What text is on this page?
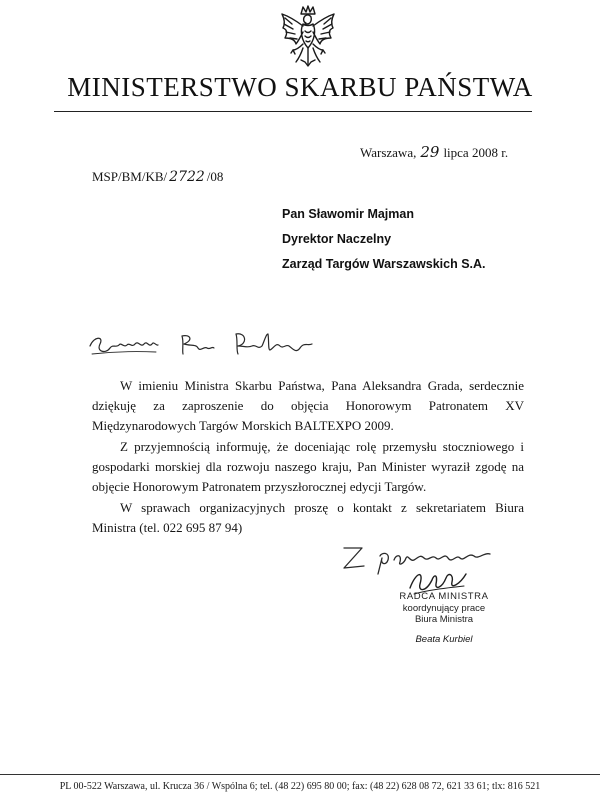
MINISTERSTWO SKARBU PAŃSTWA
Warszawa, 29 lipca 2008 r.
MSP/BM/KB/ 2722 /08
Pan Sławomir Majman
Dyrektor Naczelny
Zarząd Targów Warszawskich S.A.

W imieniu Ministra Skarbu Państwa, Pana Aleksandra Grada, serdecznie dziękuję za zaproszenie do objęcia Honorowym Patronatem XV Międzynarodowych Targów Morskich BALTEXPO 2009.

Z przyjemnością informuję, że doceniając rolę przemysłu stoczniowego i gospodarki morskiej dla rozwoju naszego kraju, Pan Minister wyraził zgodę na objęcie Honorowym Patronatem przyszłorocznej edycji Targów.

W sprawach organizacyjnych proszę o kontakt z sekretariatem Biura Ministra (tel. 022 695 87 94)

RADCA MINISTRA
koordynujący prace
Biura Ministra
Beata Kurbiel
PL 00-522 Warszawa, ul. Krucza 36 / Wspólna 6; tel. (48 22) 695 80 00; fax: (48 22) 628 08 72, 621 33 61; tlx: 816 521
